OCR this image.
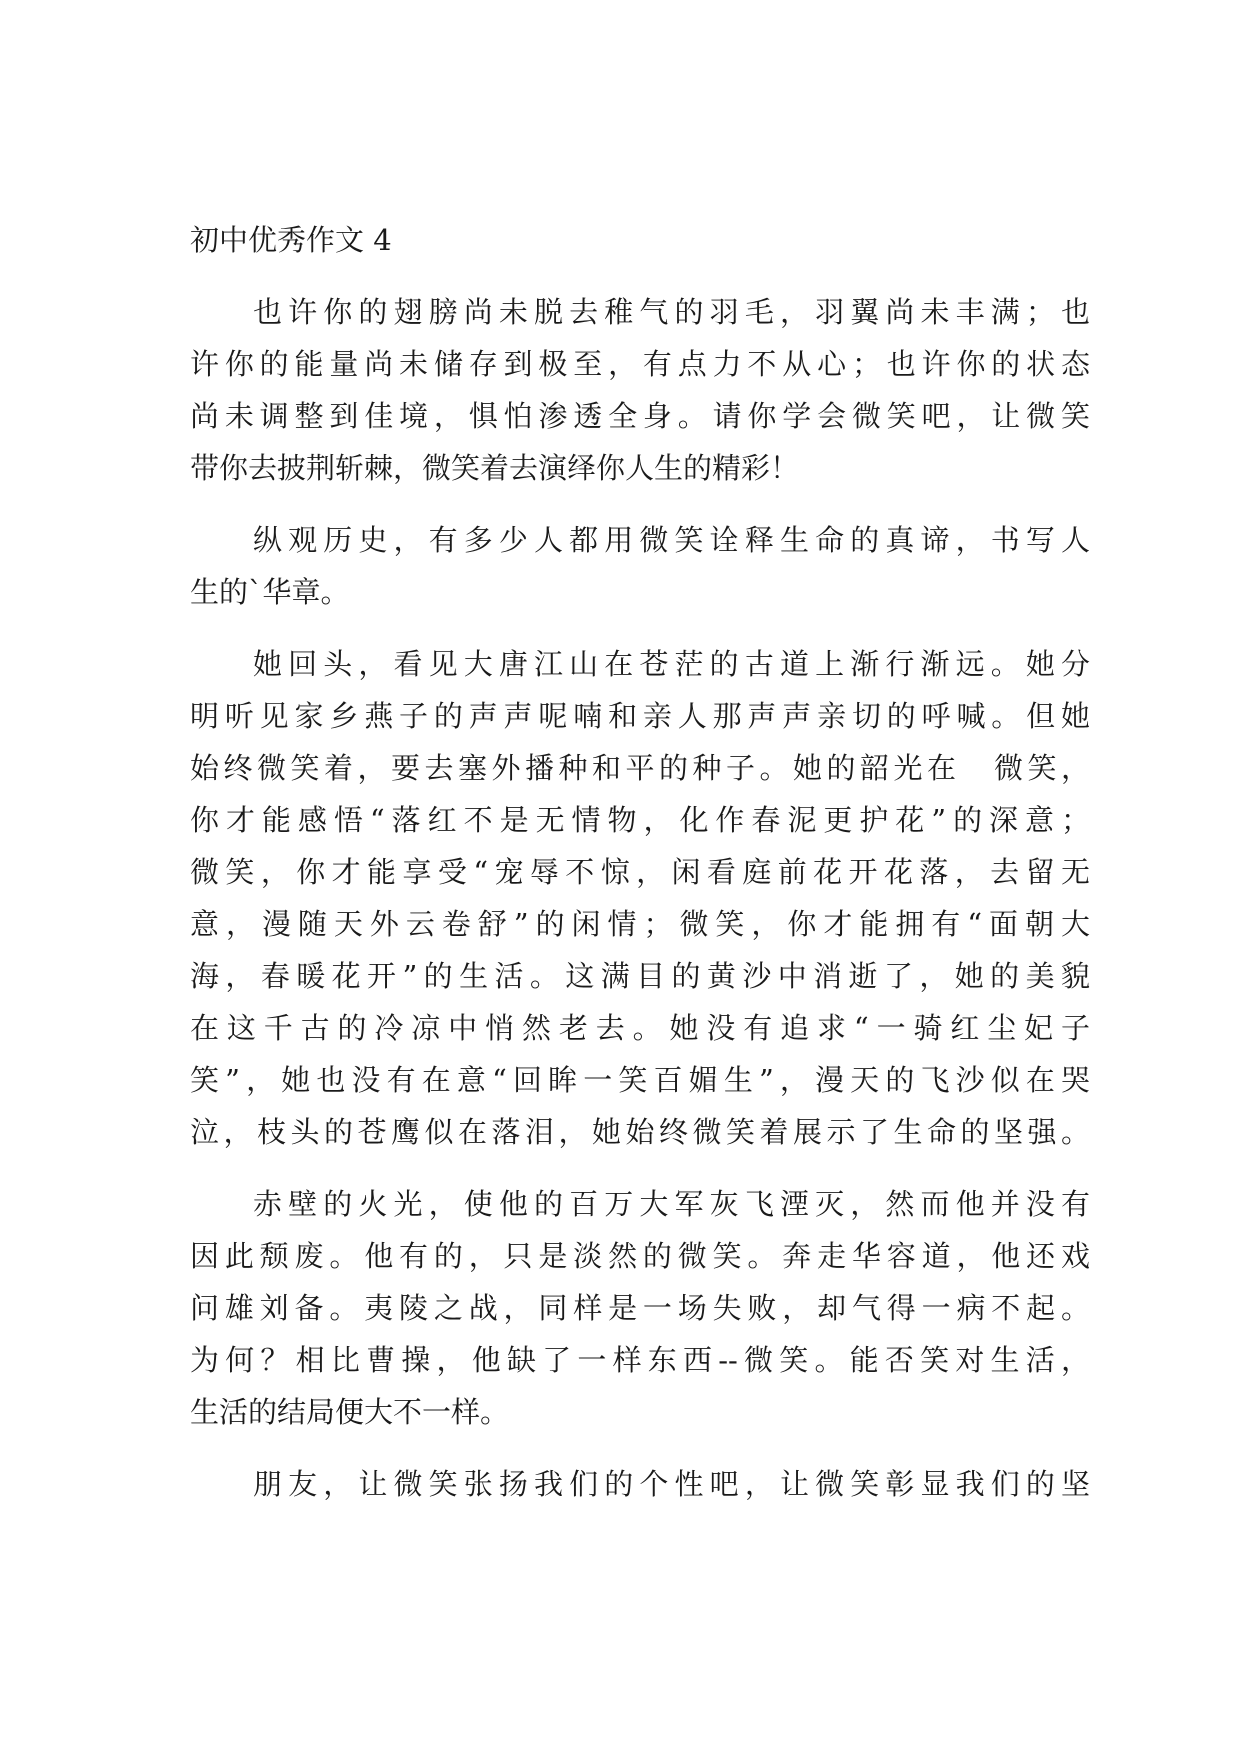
初中优秀作文 4
也许你的翅膀尚未脱去稚气的羽毛，羽翼尚未丰满；也
许你的能量尚未储存到极至，有点力不从心；也许你的状态
尚未调整到佳境，惧怕渗透全身。请你学会微笑吧，让微笑
带你去披荆斩棘，微笑着去演绎你人生的精彩！
纵观历史，有多少人都用微笑诠释生命的真谛，书写人
生的`华章。
她回头，看见大唐江山在苍茫的古道上渐行渐远。她分
明听见家乡燕子的声声呢喃和亲人那声声亲切的呼喊。但她
始终微笑着，要去塞外播种和平的种子。她的韶光在　微笑，
你才能感悟“落红不是无情物，化作春泥更护花”的深意；
微笑，你才能享受“宠辱不惊，闲看庭前花开花落，去留无
意，漫随天外云卷舒”的闲情；微笑，你才能拥有“面朝大
海，春暖花开”的生活。这满目的黄沙中消逝了，她的美貌
在这千古的冷凉中悄然老去。她没有追求“一骑红尘妃子
笑”，她也没有在意“回眸一笑百媚生”，漫天的飞沙似在哭
泣，枝头的苍鹰似在落泪，她始终微笑着展示了生命的坚强。
赤壁的火光，使他的百万大军灰飞湮灭，然而他并没有
因此颓废。他有的，只是淡然的微笑。奔走华容道，他还戏
问雄刘备。夷陵之战，同样是一场失败，却气得一病不起。
为何？相比曹操，他缺了一样东西--微笑。能否笑对生活，
生活的结局便大不一样。
朋友，让微笑张扬我们的个性吧，让微笑彰显我们的坚
